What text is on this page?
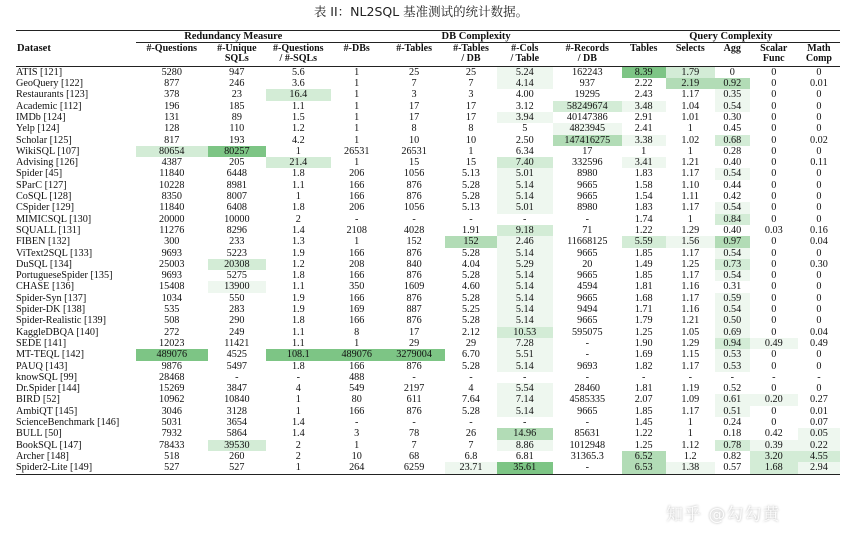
表 II：NL2SQL 基准测试的统计数据。
Dataset	Redundancy Measure			DB Complexity					Query Complexity				
	#-Questions	#-Unique
SQLs	#-Questions
/ #-SQLs	#-DBs	#-Tables	#-Tables
/ DB	#-Cols
/ Table	#-Records
/ DB	Tables	Selects	Agg	Scalar
Func	Math
Comp
ATIS [121]	5280	947	5.6	1	25	25	5.24	162243	8.39	1.79	0	0	0
GeoQuery [122]	877	246	3.6	1	7	7	4.14	937	2.22	2.19	0.92	0	0.01
Restaurants [123]	378	23	16.4	1	3	3	4.00	19295	2.43	1.17	0.35	0	0
Academic [112]	196	185	1.1	1	17	17	3.12	58249674	3.48	1.04	0.54	0	0
IMDb [124]	131	89	1.5	1	17	17	3.94	40147386	2.91	1.01	0.30	0	0
Yelp [124]	128	110	1.2	1	8	8	5	4823945	2.41	1	0.45	0	0
Scholar [125]	817	193	4.2	1	10	10	2.50	147416275	3.38	1.02	0.68	0	0.02
WikiSQL [107]	80654	80257	1	26531	26531	1	6.34	17	1	1	0.28	0	0
Advising [126]	4387	205	21.4	1	15	15	7.40	332596	3.41	1.21	0.40	0	0.11
Spider [45]	11840	6448	1.8	206	1056	5.13	5.01	8980	1.83	1.17	0.54	0	0
SParC [127]	10228	8981	1.1	166	876	5.28	5.14	9665	1.58	1.10	0.44	0	0
CoSQL [128]	8350	8007	1	166	876	5.28	5.14	9665	1.54	1.11	0.42	0	0
CSpider [129]	11840	6408	1.8	206	1056	5.13	5.01	8980	1.83	1.17	0.54	0	0
MIMICSQL [130]	20000	10000	2	-	-	-	-	-	1.74	1	0.84	0	0
SQUALL [131]	11276	8296	1.4	2108	4028	1.91	9.18	71	1.22	1.29	0.40	0.03	0.16
FIBEN [132]	300	233	1.3	1	152	152	2.46	11668125	5.59	1.56	0.97	0	0.04
ViText2SQL [133]	9693	5223	1.9	166	876	5.28	5.14	9665	1.85	1.17	0.54	0	0
DuSQL [134]	25003	20308	1.2	208	840	4.04	5.29	20	1.49	1.25	0.73	0	0.30
PortugueseSpider [135]	9693	5275	1.8	166	876	5.28	5.14	9665	1.85	1.17	0.54	0	0
CHASE [136]	15408	13900	1.1	350	1609	4.60	5.14	4594	1.81	1.16	0.31	0	0
Spider-Syn [137]	1034	550	1.9	166	876	5.28	5.14	9665	1.68	1.17	0.59	0	0
Spider-DK [138]	535	283	1.9	169	887	5.25	5.14	9494	1.71	1.16	0.54	0	0
Spider-Realistic [139]	508	290	1.8	166	876	5.28	5.14	9665	1.79	1.21	0.50	0	0
KaggleDBQA [140]	272	249	1.1	8	17	2.12	10.53	595075	1.25	1.05	0.69	0	0.04
SEDE [141]	12023	11421	1.1	1	29	29	7.28	-	1.90	1.29	0.94	0.49	0.49
MT-TEQL [142]	489076	4525	108.1	489076	3279004	6.70	5.51	-	1.69	1.15	0.53	0	0
PAUQ [143]	9876	5497	1.8	166	876	5.28	5.14	9693	1.82	1.17	0.53	0	0
knowSQL [99]	28468	-	-	488	-	-	-	-	-	-	-	-	-
Dr.Spider [144]	15269	3847	4	549	2197	4	5.54	28460	1.81	1.19	0.52	0	0
BIRD [52]	10962	10840	1	80	611	7.64	7.14	4585335	2.07	1.09	0.61	0.20	0.27
AmbiQT [145]	3046	3128	1	166	876	5.28	5.14	9665	1.85	1.17	0.51	0	0.01
ScienceBenchmark [146]	5031	3654	1.4	-	-	-	-	-	1.45	1	0.24	0	0.07
BULL [50]	7932	5864	1.4	3	78	26	14.96	85631	1.22	1	0.18	0.42	0.05
BookSQL [147]	78433	39530	2	1	7	7	8.86	1012948	1.25	1.12	0.78	0.39	0.22
Archer [148]	518	260	2	10	68	6.8	6.81	31365.3	6.52	1.2	0.82	3.20	4.55
Spider2-Lite [149]	527	527	1	264	6259	23.71	35.61	-	6.53	1.38	0.57	1.68	2.94
知乎 @勾勾黄
